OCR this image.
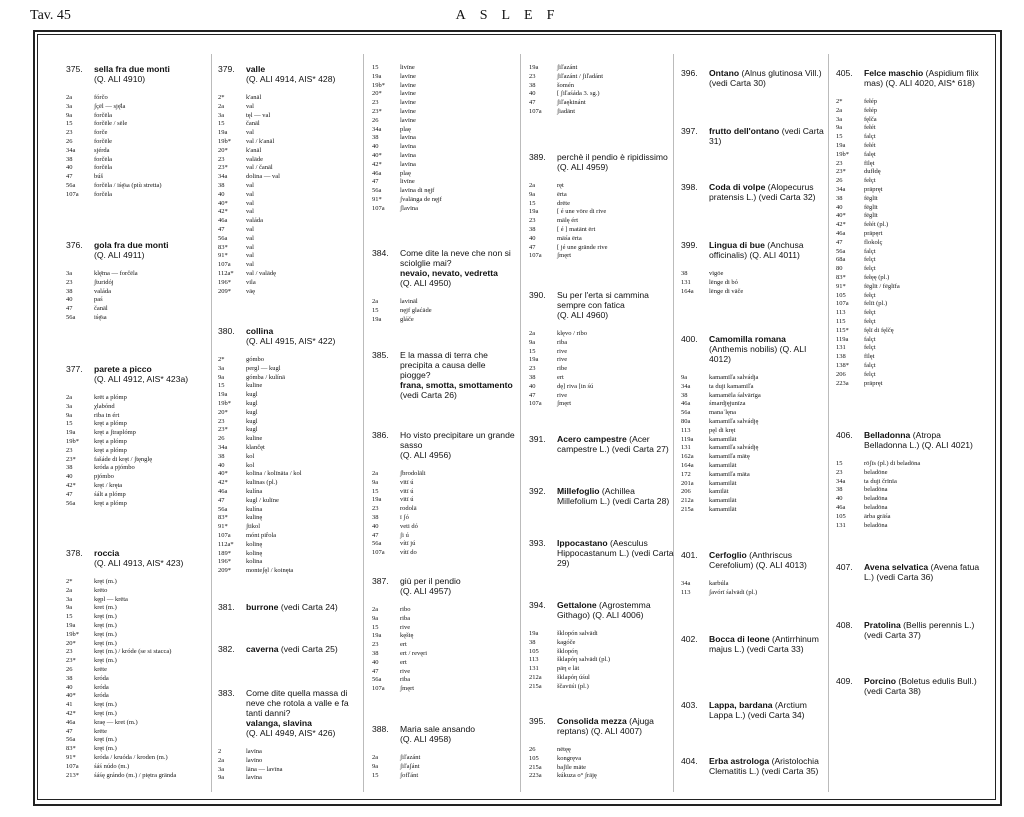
Tav. 45	ASLEF
375. sella fra due monti
(Q. ALI 4910)
2a	fórčo
3a	ʃçēl — sję̄la
9a	forčēla
15	forčēle / sēle
23	forče
26	forčēle
34a	sjérda
38	forčėla
40	forčėla
47	búš
56a	forčėla / iśę̄sa (più stretta)
107a forčėla
376. gola fra due monti
(Q. ALI 4911)
3a	klę̄ma — forčēla
23	ʃturidój
38	valáda
40	paś
47	čanāl
56a	iśę̄sa
377. parete a picco
(Q. ALI 4912, AIS* 423a)
2a	krēt a plómp
3a	χlabónd
9a	riba in ért
15	kręt a plómp
19a	kręt a ʃtraplómp
19b* kręt a plómp
23	kręt a plómp
23*	fašáde di kręt / ʃtęnglę
38	króda a pjómbo
40	pjómbo
42*	kręt / kręta
47	śált a plómp
56a	kręt a plómp
378. roccia
(Q. ALI 4913, AIS* 423)
2*	kręt (m.)
2a	krēto
3a	kępl — krēta
9a	kret (m.)
15	kręt (m.)
19a	kręt (m.)
19b* kręt (m.)
20*	kręt (m.)
23	kręt (m.) / króde (se si stacca)
23*	kręt (m.)
26	krēte
38	króda
40	króda
40*	króda
41	kręt (m.)
42*	kręt (m.)
46a	kraę — kret (m.)
47	krēte
56a	kręt (m.)
83*	kręt (m.)
91*	króda / kruóda / kroden (m.)
107a śáś núdo (m.)
213* śáśę grándo (m.) / piętra grända
379. valle
(Q. ALI 4914, AIS* 428)
2*	k'anāl
2a	val
3a	tęl — val
15	čanāl
19a	val
19b* val / k'anāl
20*	k'anāl
23	valāde
23*	val / čanāl
34a	dolina — val
38	val
40	val
40*	val
42*	val
46a	valáda
47	val
56a	val
83*	val
91*	val
107a val
112a* val / valādę
196* vila
209* vāę
380. collina
(Q. ALI 4915, AIS* 422)
2*	gómbo
3a	pergl — kugl
9a	gómba / kulínā
15	kulīne
19a	kugl
19b* kugl
20*	kugl
23	kugl
23*	kugl
26	kulīne
34a	klančęt
38	kol
40	kol
40*	kolīna / kolīnāta / kol
42*	kulīnas (pl.)
46a	kulína
47	kugl / kulīne
56a	kulína
83*	kulīnę
91*	ʃtikol
107a mónt piȓola
112a* kolīnę
189* kolīnę
196* kolīna
209* monteʃęl / koinęta
381. burrone (vedi Carta 24)
382. caverna (vedi Carta 25)
383. Come dite quella massa di neve che rotola a valle e fa tanti danni?
valanga, slavina
(Q. ALI 4949, AIS* 426)
2	lavīna
2a	lavīno
3a	lāna — lavīna
9a	lavīna
15	livīne
19a	lavīne
19b* lavīne
20*	lavīne
23	lavīne
23*	lavīne
26	lavīne
34a	plaę
38	lavīna
40	lavīna
40*	lavīna
42*	lavīna
46a	plaę
47	livīne
56a	lavīna di nęjf
91*	ʃvalānga de nęjf
107a ʃlavīna
384. Come dite la neve che non si sciolglie mai?
nevaio, nevato, vedretta
(Q. ALI 4950)
2a	lavināl
15	nęjf glaćāde
19a	gláče
385. E la massa di terra che precipita a causa delle piogge?
frana, smotta, smottamento
(vedi Carta 26)
386. Ho visto precipitare un grande sasso
(Q. ALI 4956)
2a	ʃbrodolāli
9a	vītī ú
15	vītī ú
19a	vītī ú
23	rodolā
38	ī ʃó
40	veti dó
47	ʃi ú
56a	vítī jú
107a vítī do
387. giù per il pendio
(Q. ALI 4957)
2a	ribo
9a	riba
15	rive
19a	kęštę
23	ert
38	ert / revęri
40	ert
47	rive
56a	riba
107a ʃmęrt
388. Maria sale ansando
(Q. ALI 4958)
2a	ʃiľazánt
9a	ʃiľaʃánt
15	ʃofľánt
19a	ʃiľazánt
23	ʃiľazánt / ʃiľadánt
38	šomén
40	[ ʃiľaśáda 3. sg.)
47	ʃiľaękinánt
107a ʃiadānt
389. perchè il pendio è ripidissimo
(Q. ALI 4959)
2a	ręt
9a	ērta
15	drēte
19a	[ é une vōre di rive
23	mālę ért
38	[ é ] matānt ērt
40	māśa ērta
47	[ jé une grände rive
107a ʃmęrt
390. Su per l'erta si cammina sempre con fatica
(Q. ALI 4960)
2a	klęvo / ribo
9a	riba
15	rive
19a	rive
23	ribe
38	ert
40	dę] riva [in śú
47	rive
107a ʃmęrt
391. Acero campestre (Acer campestre L.) (vedi Carta 27)
392. Millefoglio (Achillea Millefolium L.) (vedi Carta 28)
393. Ippocastano (Aesculus Hippocastanum L.) (vedi Carta 29)
394. Gettalone (Agrostemma Githago) (Q. ALI 4006)
19a	šklopón salvādi
38	kagóče
105	šklopóη
113	šklapóη salvādi (pl.)
131	pāη e lāt
212a šklapóη úśul
215a ščavūśi (pl.)
395. Consolida mezza (Ajuga reptans) (Q. ALI 4007)
26	nētęę
105	kongręva
215a baʃīle māte
223a kúkuza o° ʃrāję
396. Ontano (Alnus glutinosa Vill.) (vedi Carta 30)
397. frutto dell'ontano (vedi Carta 31)
398. Coda di volpe (Alopecurus pratensis L.) (vedi Carta 32)
399. Lingua di bue (Anchusa officinalis) (Q. ALI 4011)
38	vīgōe
131	lēnge di bó
164a lēnge di vāče
400. Camomilla romana (Anthemis nobilis) (Q. ALI 4012)
9a	kamamīľa salvádja
34a	ta duji kamamīľa
38	kamamēla śalvārīga
46a	śmardjęjunīza
56a	manaʾlęna
80a	kamamīľa salvádję
113	pęl di kręt
119a kamamīlāt
131	kamamīľa salvádję
162a kamamīľa mātę
164a kamamilāt
172	kamamīľa māta
201a kamamilāt
206	kamilāt
212a kamamilāt
215a kamamilāt
401. Cerfoglio (Anthriscus Cerefolium) (Q. ALI 4013)
34a	karbúla
113	ʃavórī śalvādi (pl.)
402. Bocca di leone (Antirrhinum majus L.) (vedi Carta 33)
403. Lappa, bardana (Arctium Lappa L.) (vedi Carta 34)
404. Erba astrologa (Aristolochia Clematitis L.) (vedi Carta 35)
405. Felce maschio (Aspidium filix mas) (Q. ALI 4020, AIS* 618)
2*	fełép
2a	fełép
3a	fęlča
9a	fełét
15	falçt
19a	fełét
19b* falęt
23	fīlęt
23*	dufłdę
26	fełçt
34a	prāpręt
38	fēglīt
40	fēglīt
40*	fēglīt
42*	fełét (pl.)
46a	prāpęrt
47	flokolç
56a	falçt
68a	felçt
80	felçt
83*	fełęę (pl.)
91*	fēglīt / fēglīfa
105	fełçt
107a felīt (pl.)
113	fełçt
115	fełçt
115* fęlī di fęlčę
119a falçt
131	felçt
138	fīlęt
138* falçt
206	felçt
223a prāpręt
406. Belladonna (Atropa Belladonna L.) (Q. ALI 4021)
15	rōʃīs (pl.) di beladōna
23	beladōne
34a	ta duji črīnīa
38	beladōna
40	beladōna
46a	beladōna
105	ārba grāśa
131	beladōna
407. Avena selvatica (Avena fatua L.) (vedi Carta 36)
408. Pratolina (Bellis perennis L.) (vedi Carta 37)
409. Porcino (Boletus edulis Bull.) (vedi Carta 38)
